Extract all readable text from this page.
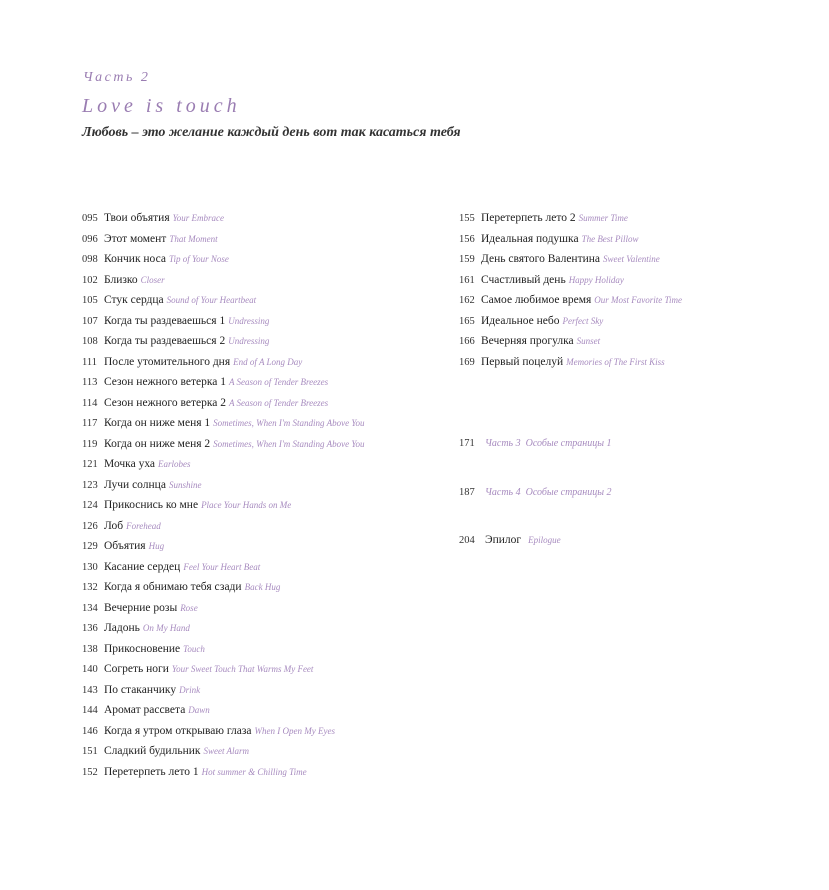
Часть 2
Love is touch
Любовь – это желание каждый день вот так касаться тебя
095 Твои объятия Your Embrace
096 Этот момент That Moment
098 Кончик носа Tip of Your Nose
102 Близко Closer
105 Стук сердца Sound of Your Heartbeat
107 Когда ты раздеваешься 1 Undressing
108 Когда ты раздеваешься 2 Undressing
111 После утомительного дня End of A Long Day
113 Сезон нежного ветерка 1 A Season of Tender Breezes
114 Сезон нежного ветерка 2 A Season of Tender Breezes
117 Когда он ниже меня 1 Sometimes, When I'm Standing Above You
119 Когда он ниже меня 2 Sometimes, When I'm Standing Above You
121 Мочка уха Earlobes
123 Лучи солнца Sunshine
124 Прикоснись ко мне Place Your Hands on Me
126 Лоб Forehead
129 Объятия Hug
130 Касание сердец Feel Your Heart Beat
132 Когда я обнимаю тебя сзади Back Hug
134 Вечерние розы Rose
136 Ладонь On My Hand
138 Прикосновение Touch
140 Согреть ноги Your Sweet Touch That Warms My Feet
143 По стаканчику Drink
144 Аромат рассвета Dawn
146 Когда я утром открываю глаза When I Open My Eyes
151 Сладкий будильник Sweet Alarm
152 Перетерпеть лето 1 Hot summer & Chilling Time
155 Перетерпеть лето 2 Summer Time
156 Идеальная подушка The Best Pillow
159 День святого Валентина Sweet Valentine
161 Счастливый день Happy Holiday
162 Самое любимое время Our Most Favorite Time
165 Идеальное небо Perfect Sky
166 Вечерняя прогулка Sunset
169 Первый поцелуй Memories of The First Kiss
171 Часть 3 Особые страницы 1
187 Часть 4 Особые страницы 2
204 Эпилог Epilogue
